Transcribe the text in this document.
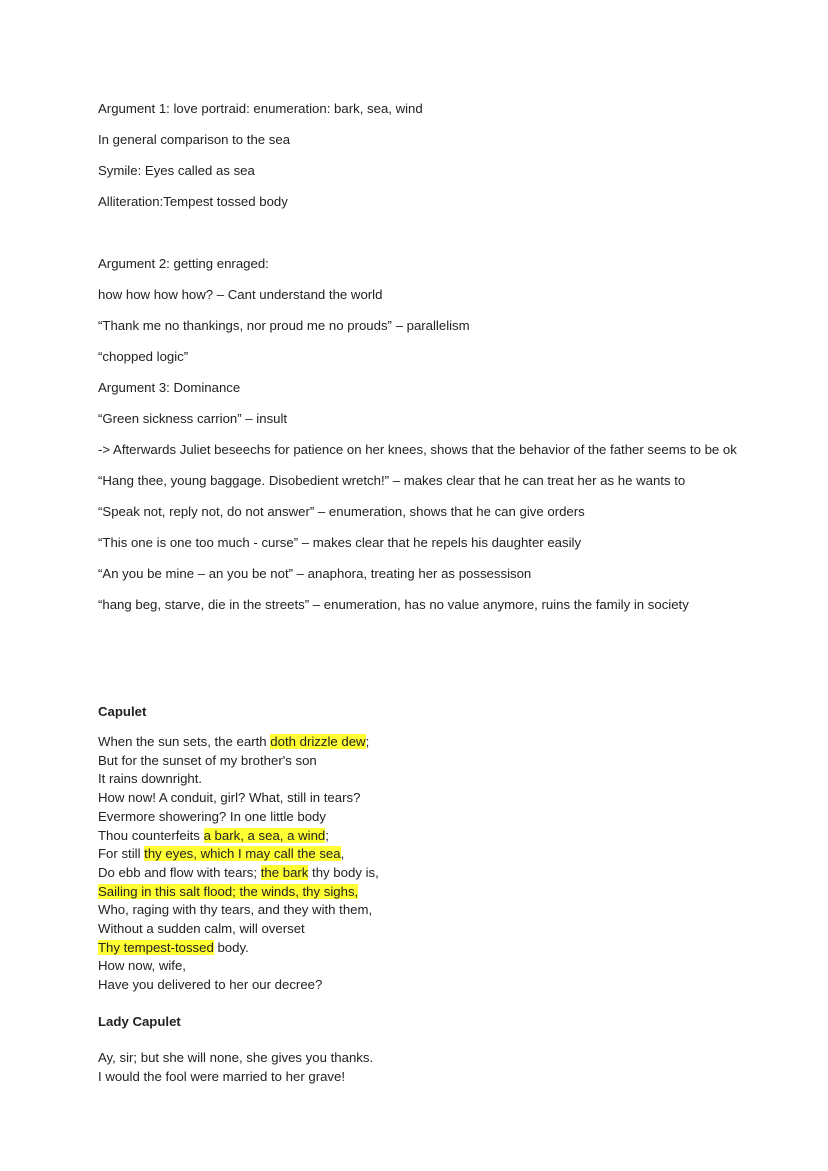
Argument 1: love portraid: enumeration: bark, sea, wind

In general comparison to the sea

Symile: Eyes called as sea

Alliteration:Tempest tossed body

Argument 2: getting enraged:

how how how how? – Cant understand the world

“Thank me no thankings, nor proud me no prouds” – parallelism

“chopped logic”

Argument 3: Dominance

“Green sickness carrion” – insult

-> Afterwards Juliet beseechs for patience on her knees, shows that the behavior of the father seems to be ok

“Hang thee, young baggage. Disobedient wretch!” – makes clear that he can treat her as he wants to

“Speak not, reply not, do not answer” – enumeration, shows that he can give orders

“This one is one too much - curse” – makes clear that he repels his daughter easily

“An you be mine – an you be not” – anaphora, treating her as possessison

“hang beg, starve, die in the streets” – enumeration, has no value anymore, ruins the family in society

Capulet

When the sun sets, the earth doth drizzle dew;
But for the sunset of my brother's son
It rains downright.
How now! A conduit, girl? What, still in tears?
Evermore showering? In one little body
Thou counterfeits a bark, a sea, a wind;
For still thy eyes, which I may call the sea,
Do ebb and flow with tears; the bark thy body is,
Sailing in this salt flood; the winds, thy sighs,
Who, raging with thy tears, and they with them,
Without a sudden calm, will overset
Thy tempest-tossed body.
How now, wife,
Have you delivered to her our decree?

Lady Capulet

Ay, sir; but she will none, she gives you thanks.
I would the fool were married to her grave!
